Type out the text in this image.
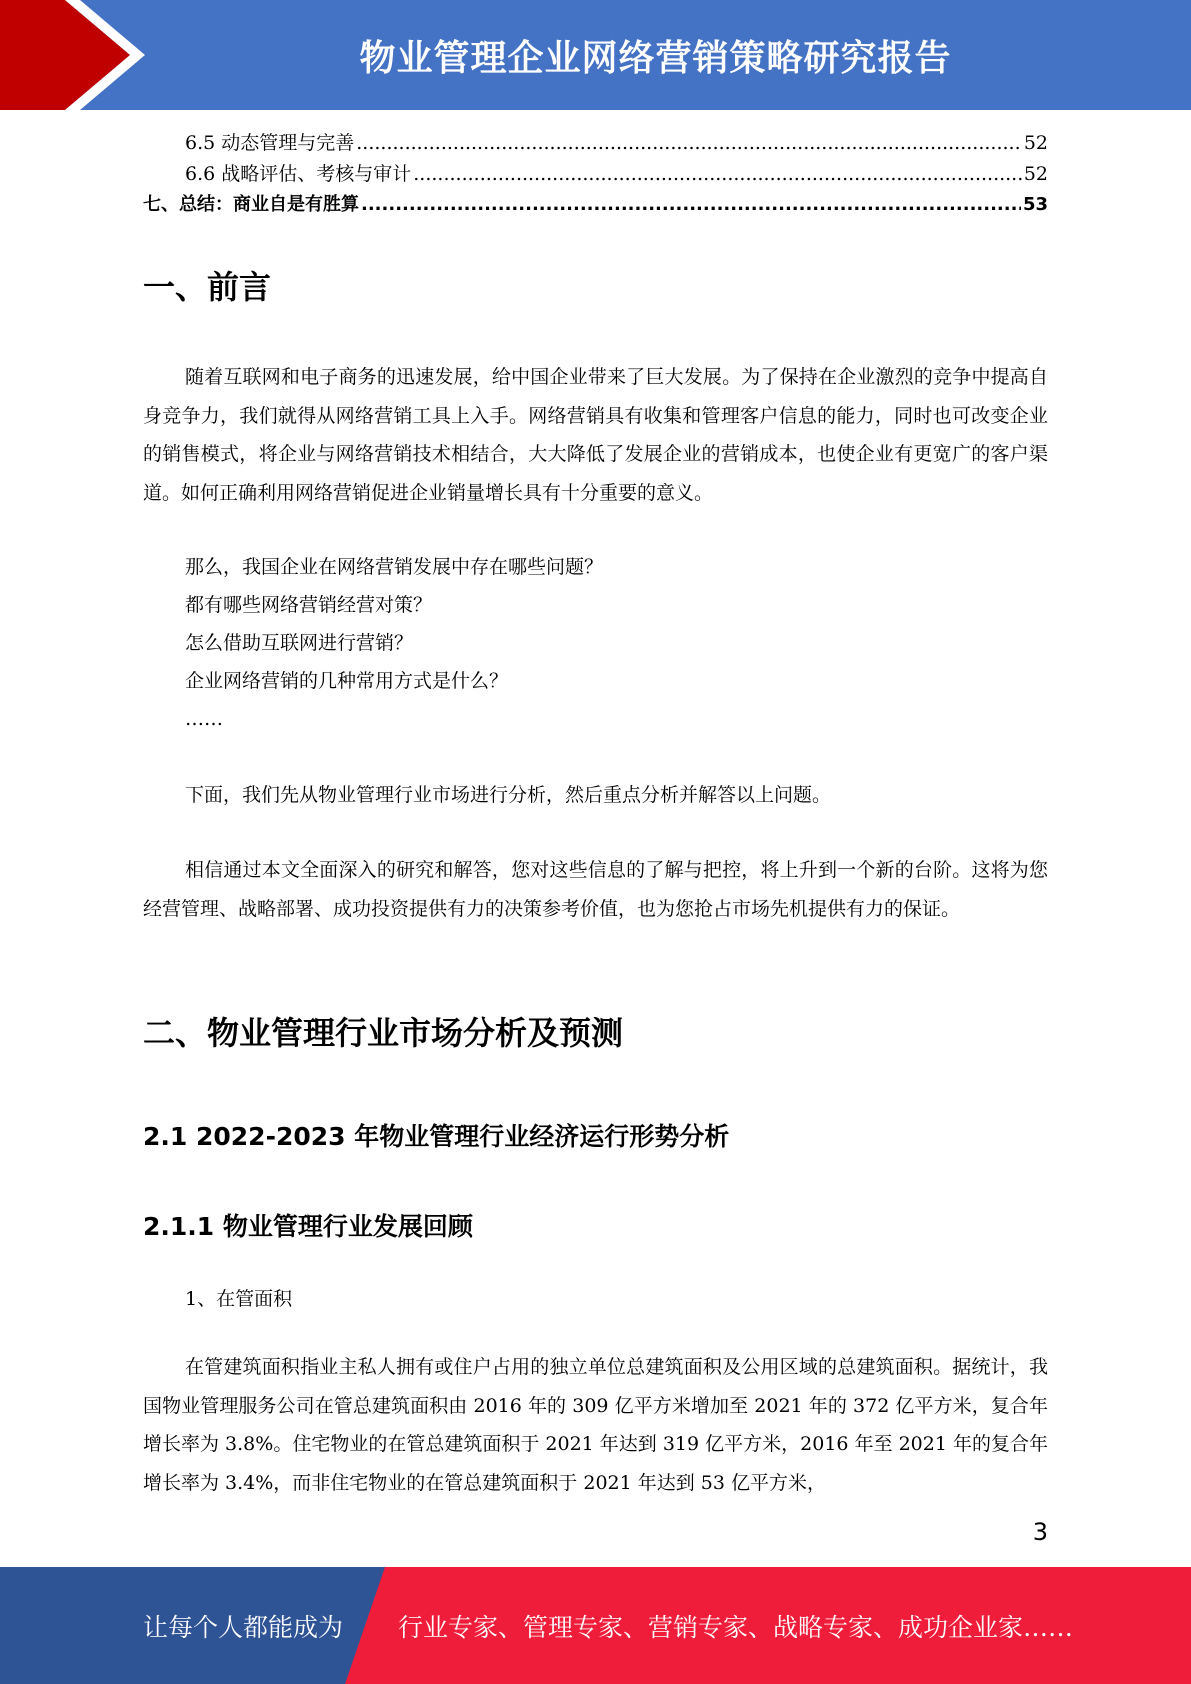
物业管理企业网络营销策略研究报告
6.5 动态管理与完善 .....	52
6.6 战略评估、考核与审计 .....	52
七、总结：商业自是有胜算 .....	53
一、前言
随着互联网和电子商务的迅速发展，给中国企业带来了巨大发展。为了保持在企业激烈的竞争中提高自身竞争力，我们就得从网络营销工具上入手。网络营销具有收集和管理客户信息的能力，同时也可改变企业的销售模式，将企业与网络营销技术相结合，大大降低了发展企业的营销成本，也使企业有更宽广的客户渠道。如何正确利用网络营销促进企业销量增长具有十分重要的意义。
那么，我国企业在网络营销发展中存在哪些问题？
都有哪些网络营销经营对策？
怎么借助互联网进行营销？
企业网络营销的几种常用方式是什么？
……
下面，我们先从物业管理行业市场进行分析，然后重点分析并解答以上问题。
相信通过本文全面深入的研究和解答，您对这些信息的了解与把控，将上升到一个新的台阶。这将为您经营管理、战略部署、成功投资提供有力的决策参考价值，也为您抢占市场先机提供有力的保证。
二、物业管理行业市场分析及预测
2.1 2022-2023 年物业管理行业经济运行形势分析
2.1.1 物业管理行业发展回顾
1、在管面积
在管建筑面积指业主私人拥有或住户占用的独立单位总建筑面积及公用区域的总建筑面积。据统计，我国物业管理服务公司在管总建筑面积由 2016 年的 309 亿平方米增加至 2021 年的 372 亿平方米，复合年增长率为 3.8%。住宅物业的在管总建筑面积于 2021 年达到 319 亿平方米，2016 年至 2021 年的复合年增长率为 3.4%，而非住宅物业的在管总建筑面积于 2021 年达到 53 亿平方米，
3
让每个人都能成为 行业专家、管理专家、营销专家、战略专家、成功企业家……
